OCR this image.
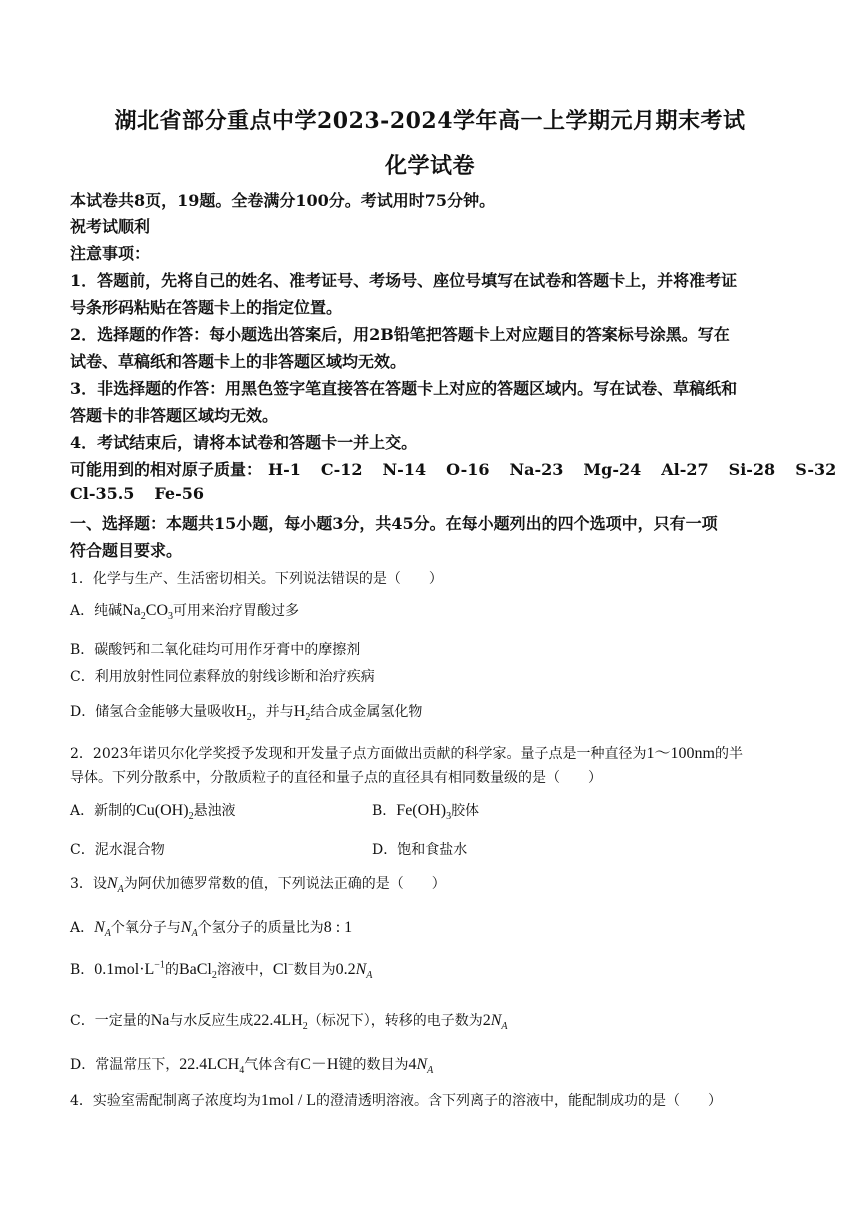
湖北省部分重点中学2023-2024学年高一上学期元月期末考试
化学试卷
本试卷共8页，19题。全卷满分100分。考试用时75分钟。
祝考试顺利
注意事项：
1．答题前，先将自己的姓名、准考证号、考场号、座位号填写在试卷和答题卡上，并将准考证
号条形码粘贴在答题卡上的指定位置。
2．选择题的作答：每小题选出答案后，用2B铅笔把答题卡上对应题目的答案标号涂黑。写在
试卷、草稿纸和答题卡上的非答题区域均无效。
3．非选择题的作答：用黑色签字笔直接答在答题卡上对应的答题区域内。写在试卷、草稿纸和
答题卡的非答题区域均无效。
4．考试结束后，请将本试卷和答题卡一并上交。
可能用到的相对原子质量： H-1 C-12 N-14 O-16 Na-23 Mg-24 Al-27 Si-28 S-32
Cl-35.5 Fe-56
一、选择题：本题共15小题，每小题3分，共45分。在每小题列出的四个选项中，只有一项
符合题目要求。
1．化学与生产、生活密切相关。下列说法错误的是（　　）
A．纯碱$Na_2CO_3$可用来治疗胃酸过多
B．碳酸钙和二氧化硅均可用作牙膏中的摩擦剂
C．利用放射性同位素释放的射线诊断和治疗疾病
D．储氢合金能够大量吸收$H_2$，并与$H_2$结合成金属氢化物
2．2023年诺贝尔化学奖授予发现和开发量子点方面做出贡献的科学家。量子点是一种直径为1～100nm的半
导体。下列分散系中，分散质粒子的直径和量子点的直径具有相同数量级的是（　　）
A．新制的$Cu(OH)_2$悬浊液	B．$Fe(OH)_3$胶体
C．泥水混合物	D．饱和食盐水
3．设$N_A$为阿伏加德罗常数的值，下列说法正确的是（　　）
A．$N_A$个氧分子与$N_A$个氢分子的质量比为8 : 1
B．$0.1mol\cdot L^{-1}$的BaCl$_2$溶液中，Cl−数目为$0.2N_A$
C．一定量的Na与水反应生成$22.4LH_2$（标况下），转移的电子数为$2N_A$
D．常温常压下，$22.4LCH_4$气体含有C－H键的数目为$4N_A$
4．实验室需配制离子浓度均为1mol / L的澄清透明溶液。含下列离子的溶液中，能配制成功的是（　　）
